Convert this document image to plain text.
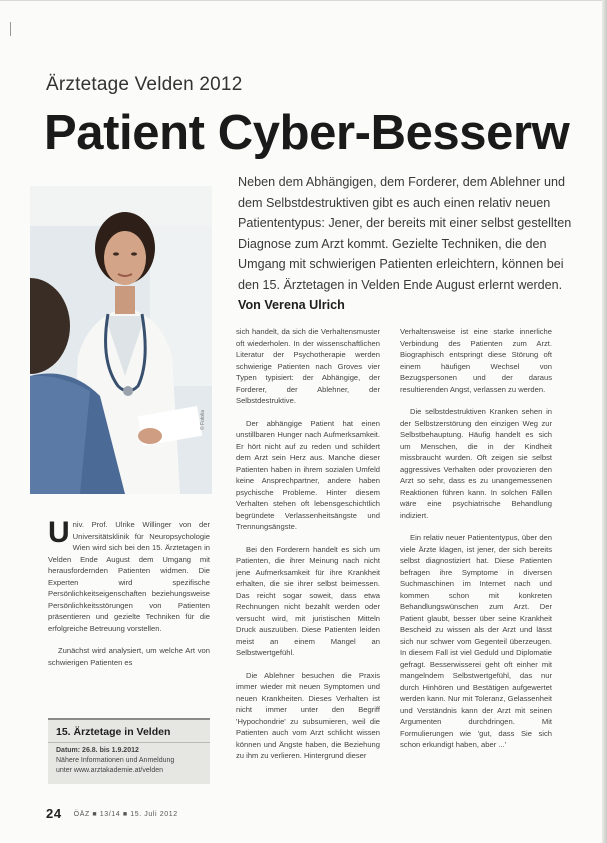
Ärztetage Velden 2012
Patient Cyber-Besserw
© Fotolia
Neben dem Abhängigen, dem Forderer, dem Ablehner und dem Selbstdestruktiven gibt es auch einen relativ neuen Patiententypus: Jener, der bereits mit einer selbst gestellten Diagnose zum Arzt kommt. Gezielte Techniken, die den Umgang mit schwierigen Patienten erleichtern, können bei den 15. Ärztetagen in Velden Ende August erlernt werden. Von Verena Ulrich

Univ. Prof. Ulrike Willinger von der Universitätsklinik für Neuropsychologie Wien wird sich bei den 15. Ärztetagen in Velden Ende August dem Umgang mit herausfordernden Patienten widmen. Die Experten wird spezifische Persönlichkeitseigenschaften beziehungsweise Persönlichkeitsstörungen von Patienten präsentieren und gezielte Techniken für die erfolgreiche Betreuung vorstellen.

Zunächst wird analysiert, um welche Art von schwierigen Patienten es

sich handelt, da sich die Verhaltensmuster oft wiederholen. In der wissenschaftlichen Literatur der Psychotherapie werden schwierige Patienten nach Groves vier Typen typisiert: der Abhängige, der Forderer, der Ablehner, der Selbstdestruktive.

Der abhängige Patient hat einen unstillbaren Hunger nach Aufmerksamkeit. Er hört nicht auf zu reden und schildert dem Arzt sein Herz aus. Manche dieser Patienten haben in ihrem sozialen Umfeld keine Ansprechpartner, andere haben psychische Probleme. Hinter diesem Verhalten stehen oft lebensgeschichtlich begründete Verlassenheitsängste und Trennungsängste.

Bei den Forderern handelt es sich um Patienten, die ihrer Meinung nach nicht jene Aufmerksamkeit für ihre Krankheit erhalten, die sie ihrer selbst beimessen. Das reicht sogar soweit, dass etwa Rechnungen nicht bezahlt werden oder versucht wird, mit juristischen Mitteln Druck auszuüben. Diese Patienten leiden meist an einem Mangel an Selbstwertgefühl.

Die Ablehner besuchen die Praxis immer wieder mit neuen Symptomen und neuen Krankheiten. Dieses Verhalten ist nicht immer unter den Begriff 'Hypochondrie' zu subsumieren, weil die Patienten auch vom Arzt schlicht wissen können und Ängste haben, die Beziehung zu ihm zu verlieren. Hintergrund dieser

Verhaltensweise ist eine starke innerliche Verbindung des Patienten zum Arzt. Biographisch entspringt diese Störung oft einem häufigen Wechsel von Bezugspersonen und der daraus resultierenden Angst, verlassen zu werden.

Die selbstdestruktiven Kranken sehen in der Selbstzerstörung den einzigen Weg zur Selbstbehauptung. Häufig handelt es sich um Menschen, die in der Kindheit missbraucht wurden. Oft zeigen sie selbst aggressives Verhalten oder provozieren den Arzt so sehr, dass es zu unangemessenen Reaktionen führen kann. In solchen Fällen wäre eine psychiatrische Behandlung indiziert.

Ein relativ neuer Patiententypus, über den viele Ärzte klagen, ist jener, der sich bereits selbst diagnostiziert hat. Diese Patienten befragen ihre Symptome in diversen Suchmaschinen im Internet nach und kommen schon mit konkreten Behandlungswünschen zum Arzt. Der Patient glaubt, besser über seine Krankheit Bescheid zu wissen als der Arzt und lässt sich nur schwer vom Gegenteil überzeugen. In diesem Fall ist viel Geduld und Diplomatie gefragt. Besserwisserei geht oft einher mit mangelndem Selbstwertgefühl, das nur durch Hinhören und Bestätigen aufgewertet werden kann. Nur mit Toleranz, Gelassenheit und Verständnis kann der Arzt mit seinen Argumenten durchdringen. Mit Formulierungen wie 'gut, dass Sie sich schon erkundigt haben, aber ...'

15. Ärztetage in Velden
Datum: 26.8. bis 1.9.2012
Nähere Informationen und Anmeldung
unter www.arztakademie.at/velden
24 ÖÄZ ■ 13/14 ■ 15. Juli 2012
